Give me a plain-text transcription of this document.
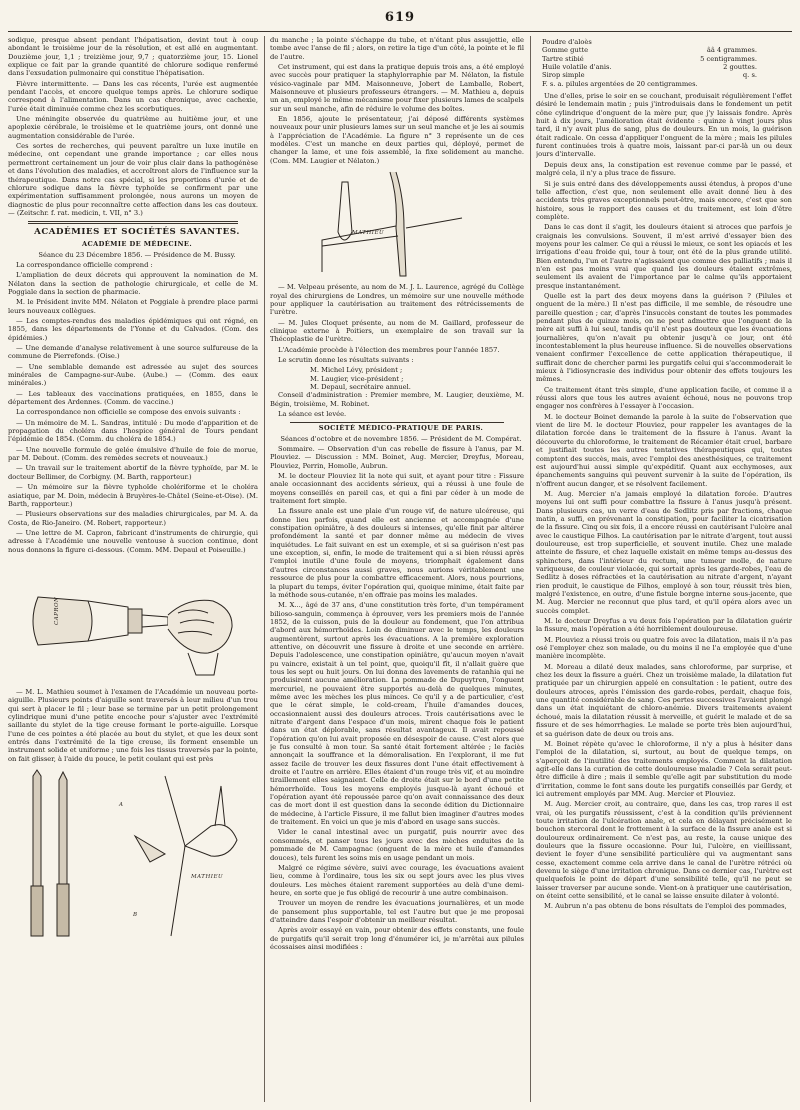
619

sodique, presque absent pendant l'hépatisation, devint tout à coup abondant le troisième jour de la résolution, et est allé en augmentant. Douzième jour, 1,1 ; treizième jour, 9,7 ; quatorzième jour, 15. Lionel explique ce fait par la grande quantité de chlorure sodique renfermé dans l'exsudation pulmonaire qui constitue l'hépatisation.

Fièvre intermittente. — Dans les cas récents, l'urée est augmentée pendant l'accès, et encore quelque temps après. Le chlorure sodique correspond à l'alimentation. Dans un cas chronique, avec cachexie, l'urée était diminuée comme chez les scorbutiques.

Une méningite observée du quatrième au huitième jour, et une apoplexie cérébrale, le troisième et le quatrième jours, ont donné une augmentation considérable de l'urée.

Ces sortes de recherches, qui peuvent paraître un luxe inutile en médecine, ont cependant une grande importance ; car elles nous permettront certainement un jour de voir plus clair dans la pathogénèse et dans l'évolution des maladies, et accroîtront alors de l'influence sur la thérapeutique. Dans notre cas spécial, si les proportions d'urée et de chlorure sodique dans la fièvre typhoïde se confirment par une expérimentation suffisamment prolongée, nous aurons un moyen de diagnostic de plus pour reconnaître cette affection dans les cas douteux. — (Zeitschr. f. rat. medicin, t. VII, n° 3.)

ACADÉMIES ET SOCIÉTÉS SAVANTES.

ACADÉMIE DE MÉDECINE.

Séance du 23 Décembre 1856. — Présidence de M. Bussy.

La correspondance officielle comprend :

L'ampliation de deux décrets qui approuvent la nomination de M. Nélaton dans la section de pathologie chirurgicale, et celle de M. Poggiale dans la section de pharmacie.

M. le Président invite MM. Nélaton et Poggiale à prendre place parmi leurs nouveaux collègues.

— Les comptes-rendus des maladies épidémiques qui ont régné, en 1855, dans les départements de l'Yonne et du Calvados. (Com. des épidémies.)

— Une demande d'analyse relativement à une source sulfureuse de la commune de Pierrefonds. (Oise.)

— Une semblable demande est adressée au sujet des sources minérales de Campagne-sur-Aube. (Aube.) — (Comm. des eaux minérales.)

— Les tableaux des vaccinations pratiquées, en 1855, dans le département des Ardennes. (Comm. de vaccine.)

La correspondance non officielle se compose des envois suivants :

— Un mémoire de M. L. Sandras, intitulé : Du mode d'apparition et de propagation du choléra dans l'hospice général de Tours pendant l'épidémie de 1854. (Comm. du choléra de 1854.)

— Une nouvelle formule de gelée émulsive d'huile de foie de morue, par M. Debout. (Comm. des remèdes secrets et nouveaux.)

— Un travail sur le traitement abortif de la fièvre typhoïde, par M. le docteur Bellimer, de Corbigny. (M. Barth, rapporteur.)

— Un mémoire sur la fièvre typhoïde cholériforme et le choléra asiatique, par M. Doin, médecin à Bruyères-le-Châtel (Seine-et-Oise). (M. Barth, rapporteur.)

— Plusieurs observations sur des maladies chirurgicales, par M. A. da Costa, de Rio-Janeiro. (M. Robert, rapporteur.)

— Une lettre de M. Capron, fabricant d'instruments de chirurgie, qui adresse à l'Académie une nouvelle ventouse à succion continue, dont nous donnons la figure ci-dessous. (Comm. MM. Depaul et Poiseuille.)

CAPRON

— M. L. Mathieu soumet à l'examen de l'Académie un nouveau porte-aiguille. Plusieurs points d'aiguille sont traversés à leur milieu d'un trou qui sert à placer le fil ; leur base se termine par un petit prolongement cylindrique muni d'une petite encoche pour s'ajuster avec l'extrémité saillante du stylet de la tige creuse formant le porte-aiguille. Lorsque l'une de ces pointes a été placée au bout du stylet, et que les deux sont entrés dans l'extrémité de la tige creuse, ils forment ensemble un instrument solide et uniforme ; une fois les tissus traversés par la pointe, on fait glisser, à l'aide du pouce, le petit coulant qui est près

A
B
MATHIEU

du manche ; la pointe s'échappe du tube, et n'étant plus assujettie, elle tombe avec l'anse de fil ; alors, on retire la tige d'un côté, la pointe et le fil de l'autre.

Cet instrument, qui est dans la pratique depuis trois ans, a été employé avec succès pour pratiquer la staphylorraphie par M. Nélaton, la fistule vésico-vaginale par MM. Maisonneuve, Jobert de Lamballe, Robert, Maisonneuve et plusieurs professeurs étrangers. — M. Mathieu a, depuis un an, employé le même mécanisme pour fixer plusieurs lames de scalpels sur un seul manche, afin de réduire le volume des boîtes.

En 1856, ajoute le présentateur, j'ai déposé différents systèmes nouveaux pour unir plusieurs lames sur un seul manche et je les ai soumis à l'appréciation de l'Académie. La figure n° 3 représente un de ces modèles. C'est un manche en deux parties qui, déployé, permet de changer la lame, et une fois assemblé, la fixe solidement au manche. (Com. MM. Laugier et Nélaton.)

MATHIEU

— M. Velpeau présente, au nom de M. J. L. Laurence, agrégé du Collège royal des chirurgiens de Londres, un mémoire sur une nouvelle méthode pour appliquer la cautérisation au traitement des rétrécissements de l'urètre.

— M. Jules Cloquet présente, au nom de M. Gaillard, professeur de clinique externe à Poitiers, un exemplaire de son travail sur la Thécoplastie de l'urètre.

L'Académie procède à l'élection des membres pour l'année 1857.

Le scrutin donne les résultats suivants :

M. Michel Lévy, président ;
M. Laugier, vice-président ;
M. Depaul, secrétaire annuel.

Conseil d'administration : Premier membre, M. Laugier, deuxième, M. Bégin, troisième, M. Robinet.

La séance est levée.

SOCIÉTÉ MÉDICO-PRATIQUE DE PARIS.

Séances d'octobre et de novembre 1856. — Président de M. Compérat.

Sommaire. — Observation d'un cas rebelle de fissure à l'anus, par M. Plouviez. — Discussion : MM. Boinet, Aug. Mercier, Dreyfus, Moreau, Plouviez, Perrin, Homolle, Aubrun.

M. le docteur Plouviez lit la note qui suit, et ayant pour titre : Fissure anale occasionnant des accidents sérieux, qui a réussi à une foule de moyens conseillés en pareil cas, et qui a fini par céder à un mode de traitement fort simple.

La fissure anale est une plaie d'un rouge vif, de nature ulcéreuse, qui donne lieu parfois, quand elle est ancienne et accompagnée d'une constipation opiniâtre, à des douleurs si intenses, qu'elle finit par altérer profondément la santé et par donner même au médecin de vives inquiétudes. Le fait suivant en est un exemple, et si sa guérison n'est pas une exception, si, enfin, le mode de traitement qui a si bien réussi après l'emploi inutile d'une foule de moyens, triomphait également dans d'autres circonstances aussi graves, nous aurions véritablement une ressource de plus pour la combattre efficacement. Alors, nous pourrions, la plupart du temps, éviter l'opération qui, quoique minime, était faite par la méthode sous-cutanée, n'en offraie pas moins les malades.

M. X..., âgé de 37 ans, d'une constitution très forte, d'un tempérament bilioso-sanguin, commença à éprouver, vers les premiers mois de l'année 1852, de la cuisson, puis de la douleur au fondement, que l'on attribua d'abord aux hémorrhoïdes. Loin de diminuer avec le temps, les douleurs augmentèrent, surtout après les évacuations. A la première exploration attentive, on découvrit une fissure à droite et une seconde en arrière. Depuis l'adolescence, une constipation opiniâtre, qu'aucun moyen n'avait pu vaincre, existait à un tel point, que, quoiqu'il fît, il n'allait guère que tous les sept ou huit jours. On lui donna des lavements de ratanhia qui ne produisirent aucune amélioration. La pommade de Dupuytren, l'onguent mercuriel, ne pouvaient être supportés au-delà de quelques minutes, même avec les mèches les plus minces. Ce qu'il y a de particulier, c'est que le cérat simple, le cold-cream, l'huile d'amandes douces, occasionnaient aussi des douleurs atroces. Trois cautérisations avec le nitrate d'argent dans l'espace d'un mois, mirent chaque fois le patient dans un état déplorable, sans résultat avantageux. Il avait repoussé l'opération qu'on lui avait proposée en désespoir de cause. C'est alors que je fus consulté à mon tour. Sa santé était fortement altérée ; le faciès annonçait la souffrance et la démoralisation. En l'explorant, il me fut assez facile de trouver les deux fissures dont l'une était effectivement à droite et l'autre en arrière. Elles étaient d'un rouge très vif, et au moindre tiraillement elles saignaient. Celle de droite était sur le bord d'une petite hémorrhoïde. Tous les moyens employés jusque-là ayant échoué et l'opération ayant été repoussée parce qu'on avait connaissance des deux cas de mort dont il est question dans la seconde édition du Dictionnaire de médecine, à l'article Fissure, il me fallut bien imaginer d'autres modes de traitement. En voici un que je mis d'abord en usage sans succès.

Vider le canal intestinal avec un purgatif, puis nourrir avec des consommés, et panser tous les jours avec des mèches enduites de la pommade de M. Campagnac (onguent de la mère et huile d'amandes douces), tels furent les soins mis en usage pendant un mois.

Malgré ce régime sévère, suivi avec courage, les évacuations avaient lieu, comme à l'ordinaire, tous les six ou sept jours avec les plus vives douleurs. Les mèches étaient rarement supportées au delà d'une demi-heure, en sorte que je fus obligé de recourir à une autre combinaison.

Trouver un moyen de rendre les évacuations journalières, et un mode de pansement plus supportable, tel est l'autre but que je me proposai d'atteindre dans l'espoir d'obtenir un meilleur résultat.

Après avoir essayé en vain, pour obtenir des effets constants, une foule de purgatifs qu'il serait trop long d'énumérer ici, je m'arrêtai aux pilules écossaises ainsi modifiées :

Poudre d'aloès
Gomme gutte	ââ 4 grammes.
Tartre stibié	5 centigrammes.
Huile volatile d'anis.	2 gouttes.
Sirop simple	q. s.
F. s. a. pilules argentées de 20 centigrammes.

Une d'elles, prise le soir en se couchant, produisait régulièrement l'effet désiré le lendemain matin ; puis j'introduisais dans le fondement un petit cône cylindrique d'onguent de la mère pur, que j'y laissais fondre. Après huit à dix jours, l'amélioration était évidente : quinze à vingt jours plus tard, il n'y avait plus de sang, plus de douleurs. En un mois, la guérison était radicale. On cessa d'appliquer l'onguent de la mère ; mais les pilules furent continuées trois à quatre mois, laissant par-ci par-là un ou deux jours d'intervalle.

Depuis deux ans, la constipation est revenue comme par le passé, et malgré cela, il n'y a plus trace de fissure.

Si je suis entré dans des développements aussi étendus, à propos d'une telle affection, c'est que, non seulement elle avait donné lieu à des accidents très graves exceptionnels peut-être, mais encore, c'est que son histoire, sous le rapport des causes et du traitement, est loin d'être complète.

Dans le cas dont il s'agit, les douleurs étaient si atroces que parfois je craignais les convulsions. Souvent, il m'est arrivé d'essayer bien des moyens pour les calmer. Ce qui a réussi le mieux, ce sont les opiacés et les irrigations d'eau froide qui, tour à tour, ont été de la plus grande utilité. Bien entendu, l'un et l'autre n'agissaient que comme des palliatifs ; mais il n'en est pas moins vrai que quand les douleurs étaient extrêmes, seulement ils avaient de l'importance par le calme qu'ils apportaient presque instantanément.

Quelle est la part des deux moyens dans la guérison ? (Pilules et onguent de la mère.) Il n'est pas difficile, il me semble, de résoudre une pareille question ; car, d'après l'insuccès constant de toutes les pommades pendant plus de quinze mois, on ne peut admettre que l'onguent de la mère ait suffi à lui seul, tandis qu'il n'est pas douteux que les évacuations journalières, qu'on n'avait pu obtenir jusqu'à ce jour, ont été incontestablement la plus heureuse influence. Si de nouvelles observations venaient confirmer l'excellence de cette application thérapeutique, il suffirait donc de chercher parmi les purgatifs celui qui s'accommoderait le mieux à l'idiosyncrasie des individus pour obtenir des effets toujours les mêmes.

Ce traitement étant très simple, d'une application facile, et comme il a réussi alors que tous les autres avaient échoué, nous ne pouvons trop engager nos confrères à l'essayer à l'occasion.

M. le docteur Boinet demande la parole à la suite de l'observation que vient de lire M. le docteur Plouviez, pour rappeler les avantages de la dilatation forcée dans le traitement de la fissure à l'anus. Avant la découverte du chloroforme, le traitement de Récamier était cruel, barbare et justifiait toutes les autres tentatives thérapeutiques qui, toutes comptent des succès, mais, avec l'emploi des anesthésiques, ce traitement est aujourd'hui aussi simple qu'expéditif. Quant aux ecchymoses, aux épanchements sanguins qui peuvent survenir à la suite de l'opération, ils n'offrent aucun danger, et se résolvent facilement.

M. Aug. Mercier n'a jamais employé la dilatation forcée. D'autres moyens lui ont suffi pour combattre la fissure à l'anus jusqu'à présent. Dans plusieurs cas, un verre d'eau de Sedlitz pris par fractions, chaque matin, a suffi, en prévenant la constipation, pour faciliter la cicatrisation de la fissure. Cinq ou six fois, il a encore réussi en cautérisant l'ulcère anal avec le caustique Filhos. La cautérisation par le nitrate d'argent, tout aussi douloureuse, est trop superficielle, et souvent inutile. Chez une malade atteinte de fissure, et chez laquelle existait en même temps au-dessus des sphincters, dans l'intérieur du rectum, une tumeur molle, de nature variqueuse, de couleur violacée, qui sortait après les garde-robes, l'eau de Sedlitz à doses réfractées et la cautérisation au nitrate d'argent, n'ayant rien produit, le caustique de Filhos, employé à son tour, réussit très bien, malgré l'existence, en outre, d'une fistule borgne interne sous-jacente, que M. Aug. Mercier ne reconnut que plus tard, et qu'il opéra alors avec un succès complet.

M. le docteur Dreyfus a vu deux fois l'opération par la dilatation guérir la fissure, mais l'opération a été horriblement douloureuse.

M. Plouviez a réussi trois ou quatre fois avec la dilatation, mais il n'a pas osé l'employer chez son malade, ou du moins il ne l'a employée que d'une manière incomplète.

M. Moreau a dilaté deux malades, sans chloroforme, par surprise, et chez les deux la fissure a guéri. Chez un troisième malade, la dilatation fut pratiquée par un chirurgien appelé en consultation : le patient, outre des douleurs atroces, après l'émission des garde-robes, perdait, chaque fois, une quantité considérable de sang. Ces pertes successives l'avaient plongé dans un état inquiétant de chloro-anémie. Divers traitements avaient échoué, mais la dilatation réussit à merveille, et guérit le malade et de sa fissure et de ses hémorrhagies. Le malade se porte très bien aujourd'hui, et sa guérison date de deux ou trois ans.

M. Boinet répète qu'avec le chloroforme, il n'y a plus à hésiter dans l'emploi de la dilatation, si, surtout, au bout de quelque temps, on s'aperçoit de l'inutilité des traitements employés. Comment la dilatation agit-elle dans la curation de cette douloureuse maladie ? Cela serait peut-être difficile à dire ; mais il semble qu'elle agit par substitution du mode d'irritation, comme le font sans doute les purgatifs conseillés par Gerdy, et ici autrement employés par MM. Aug. Mercier et Plouviez.

M. Aug. Mercier croit, au contraire, que, dans les cas, trop rares il est vrai, où les purgatifs réussissent, c'est à la condition qu'ils préviennent toute irritation de l'ulcération anale, et cela en délayant précisément le bouchon stercoral dont le frottement à la surface de la fissure anale est si douloureux ordinairement. Ce n'est pas, au reste, la cause unique des douleurs que la fissure occasionne. Pour lui, l'ulcère, en vieillissant, devient le foyer d'une sensibilité particulière qui va augmentant sans cesse, exactement comme cela arrive dans le canal de l'urètre rétréci où devenu le siège d'une irritation chronique. Dans ce dernier cas, l'urètre est quelquefois le point de départ d'une sensibilité telle, qu'il ne peut se laisser traverser par aucune sonde. Vient-on à pratiquer une cautérisation, on éteint cette sensibilité, et le canal se laisse ensuite dilater à volonté.

M. Aubrun n'a pas obtenu de bons résultats de l'emploi des pommades,
